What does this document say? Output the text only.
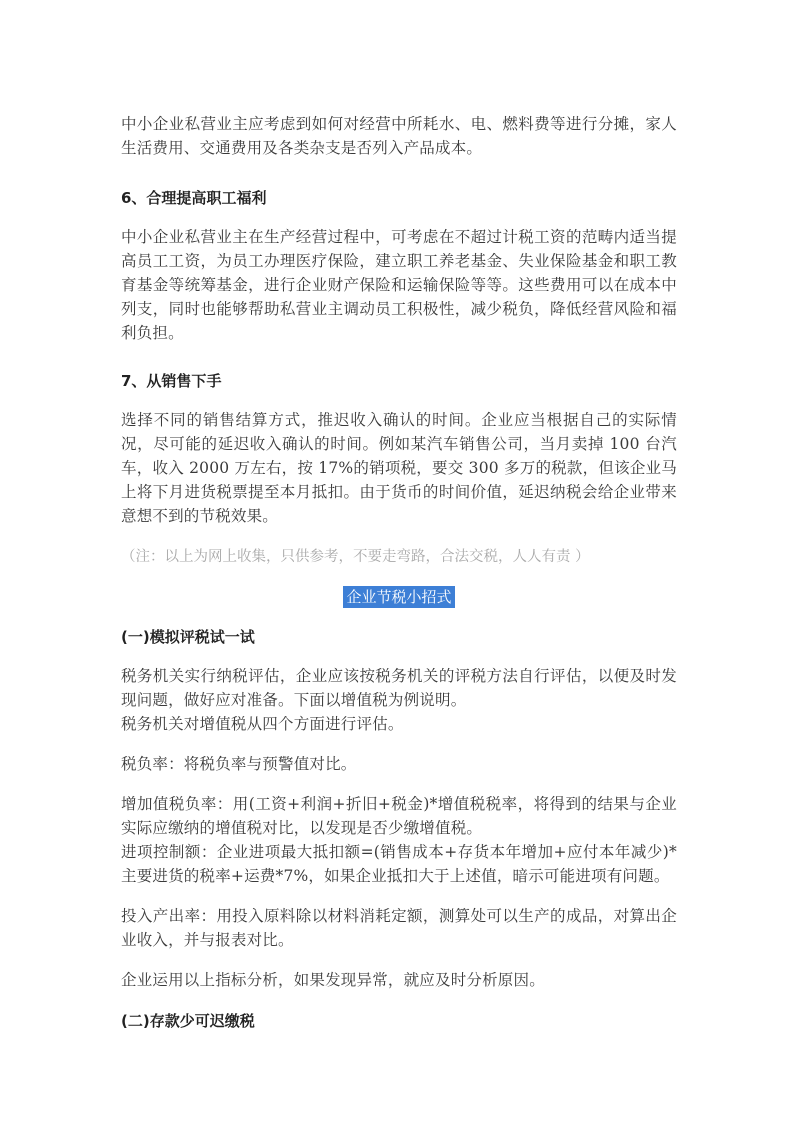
中小企业私营业主应考虑到如何对经营中所耗水、电、燃料费等进行分摊，家人生活费用、交通费用及各类杂支是否列入产品成本。

6、合理提高职工福利

中小企业私营业主在生产经营过程中，可考虑在不超过计税工资的范畴内适当提高员工工资，为员工办理医疗保险，建立职工养老基金、失业保险基金和职工教育基金等统筹基金，进行企业财产保险和运输保险等等。这些费用可以在成本中列支，同时也能够帮助私营业主调动员工积极性，减少税负，降低经营风险和福利负担。

7、从销售下手

选择不同的销售结算方式，推迟收入确认的时间。企业应当根据自己的实际情况，尽可能的延迟收入确认的时间。例如某汽车销售公司，当月卖掉 100 台汽车，收入 2000 万左右，按 17%的销项税，要交 300 多万的税款，但该企业马上将下月进货税票提至本月抵扣。由于货币的时间价值，延迟纳税会给企业带来意想不到的节税效果。

（注：以上为网上收集，只供参考，不要走弯路，合法交税，人人有责 ）

企业节税小招式

(一)模拟评税试一试

税务机关实行纳税评估，企业应该按税务机关的评税方法自行评估，以便及时发现问题，做好应对准备。下面以增值税为例说明。

税务机关对增值税从四个方面进行评估。

税负率：将税负率与预警值对比。

增加值税负率：用(工资+利润+折旧+税金)*增值税税率，将得到的结果与企业实际应缴纳的增值税对比，以发现是否少缴增值税。

进项控制额：企业进项最大抵扣额=(销售成本+存货本年增加+应付本年减少)*主要进货的税率+运费*7%，如果企业抵扣大于上述值，暗示可能进项有问题。

投入产出率：用投入原料除以材料消耗定额，测算处可以生产的成品，对算出企业收入，并与报表对比。

企业运用以上指标分析，如果发现异常，就应及时分析原因。

(二)存款少可迟缴税
